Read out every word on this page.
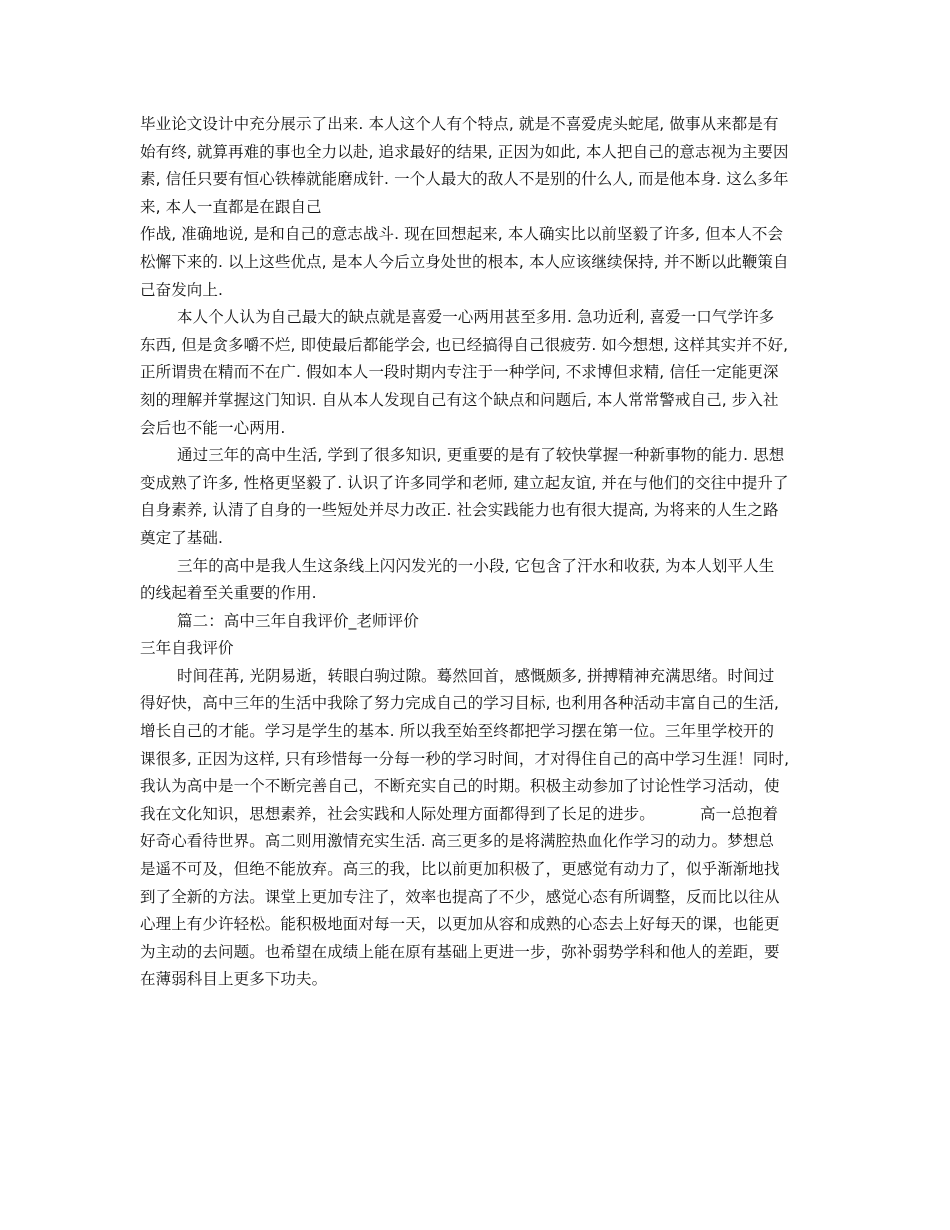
毕业论文设计中充分展示了出来. 本人这个人有个特点, 就是不喜爱虎头蛇尾, 做事从来都是有
始有终, 就算再难的事也全力以赴, 追求最好的结果, 正因为如此, 本人把自己的意志视为主要因
素, 信任只要有恒心铁棒就能磨成针. 一个人最大的敌人不是别的什么人, 而是他本身. 这么多年
来, 本人一直都是在跟自己
作战, 准确地说, 是和自己的意志战斗. 现在回想起来, 本人确实比以前坚毅了许多, 但本人不会
松懈下来的. 以上这些优点, 是本人今后立身处世的根本, 本人应该继续保持, 并不断以此鞭策自
己奋发向上.
本人个人认为自己最大的缺点就是喜爱一心两用甚至多用. 急功近利, 喜爱一口气学许多
东西, 但是贪多嚼不烂, 即使最后都能学会, 也已经搞得自己很疲劳. 如今想想, 这样其实并不好,
正所谓贵在精而不在广. 假如本人一段时期内专注于一种学问, 不求博但求精, 信任一定能更深
刻的理解并掌握这门知识. 自从本人发现自己有这个缺点和问题后, 本人常常警戒自己, 步入社
会后也不能一心两用.
通过三年的高中生活, 学到了很多知识, 更重要的是有了较快掌握一种新事物的能力. 思想
变成熟了许多, 性格更坚毅了. 认识了许多同学和老师, 建立起友谊, 并在与他们的交往中提升了
自身素养, 认清了自身的一些短处并尽力改正. 社会实践能力也有很大提高, 为将来的人生之路
奠定了基础.
三年的高中是我人生这条线上闪闪发光的一小段, 它包含了汗水和收获, 为本人划平人生
的线起着至关重要的作用.
篇二：高中三年自我评价_老师评价
三年自我评价
时间荏苒, 光阴易逝，转眼白驹过隙。蓦然回首，感慨颇多, 拼搏精神充满思绪。时间过
得好快，高中三年的生活中我除了努力完成自己的学习目标, 也利用各种活动丰富自己的生活,
增长自己的才能。学习是学生的基本. 所以我至始至终都把学习摆在第一位。三年里学校开的
课很多, 正因为这样, 只有珍惜每一分每一秒的学习时间，才对得住自己的高中学习生涯！同时,
我认为高中是一个不断完善自己，不断充实自己的时期。积极主动参加了讨论性学习活动，使
我在文化知识，思想素养，社会实践和人际处理方面都得到了长足的进步。         高一总抱着
好奇心看待世界。高二则用激情充实生活. 高三更多的是将满腔热血化作学习的动力。梦想总
是遥不可及，但绝不能放弃。高三的我，比以前更加积极了，更感觉有动力了，似乎渐渐地找
到了全新的方法。课堂上更加专注了，效率也提高了不少，感觉心态有所调整，反而比以往从
心理上有少许轻松。能积极地面对每一天，以更加从容和成熟的心态去上好每天的课，也能更
为主动的去问题。也希望在成绩上能在原有基础上更进一步，弥补弱势学科和他人的差距，要
在薄弱科目上更多下功夫。
